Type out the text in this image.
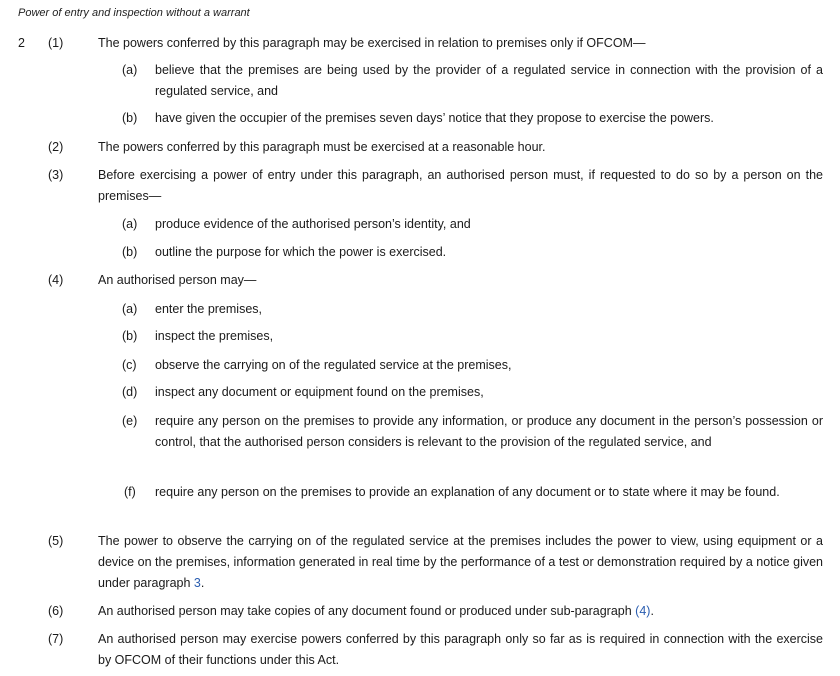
Power of entry and inspection without a warrant
2 (1)	The powers conferred by this paragraph may be exercised in relation to premises only if OFCOM—
(a) believe that the premises are being used by the provider of a regulated service in connection with the provision of a regulated service, and
(b) have given the occupier of the premises seven days’ notice that they propose to exercise the powers.
(2)	The powers conferred by this paragraph must be exercised at a reasonable hour.
(3)	Before exercising a power of entry under this paragraph, an authorised person must, if requested to do so by a person on the premises—
(a) produce evidence of the authorised person’s identity, and
(b) outline the purpose for which the power is exercised.
(4)	An authorised person may—
(a) enter the premises,
(b) inspect the premises,
(c) observe the carrying on of the regulated service at the premises,
(d) inspect any document or equipment found on the premises,
(e) require any person on the premises to provide any information, or produce any document in the person’s possession or control, that the authorised person considers is relevant to the provision of the regulated service, and
(f) require any person on the premises to provide an explanation of any document or to state where it may be found.
(5)	The power to observe the carrying on of the regulated service at the premises includes the power to view, using equipment or a device on the premises, information generated in real time by the performance of a test or demonstration required by a notice given under paragraph 3.
(6)	An authorised person may take copies of any document found or produced under sub-paragraph (4).
(7)	An authorised person may exercise powers conferred by this paragraph only so far as is required in connection with the exercise by OFCOM of their functions under this Act.
